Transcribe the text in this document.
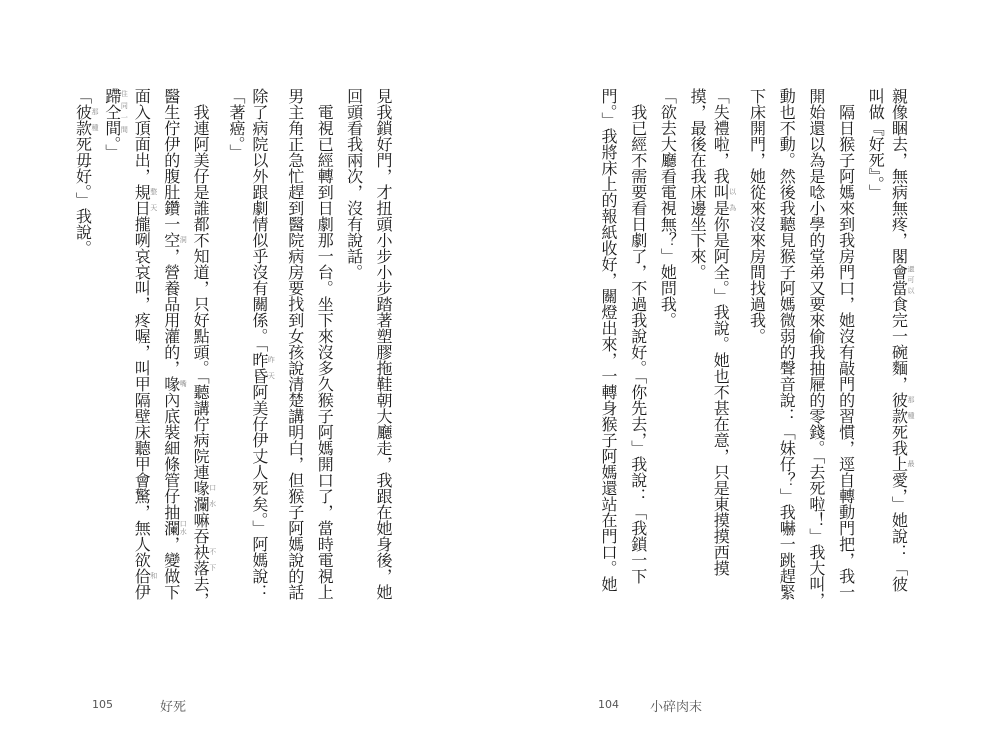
見我鎖好門，才扭頭小步小步踏著塑膠拖鞋朝大廳走，我跟在她身後，她
回頭看我兩次，沒有說話。
　電視已經轉到日劇那一台。坐下來沒多久猴子阿媽開口了，當時電視上
男主角正急忙趕到醫院病房要找到女孩說清楚講明白，但猴子阿媽說的話
除了病院以外跟劇情似乎沒有關係。「昨昏昨天阿美仔伊丈人死矣。」阿媽說：
「著癌。」
　我連阿美仔是誰都不知道，只好點頭。「聽講佇病院連喙瀾口水嘛吞袂落不下去，
醫生佇伊的腹肚鑽一空洞，營養品用灌的，喙嘴內底裝細條管仔抽瀾口水，變做下
面入頂面出，規日整天攏咧哀哀叫，疼喔，叫甲隔壁床聽甲會驚，無人欲佮和伊
蹛仝間住同一間。」
「彼款那種死毋好。」我說。
105	好死
親像睏去，無病無疼，閣會當還可以食完一碗麵，彼款那種死我上最愛，」她說：「彼
叫做『好死』。」
　隔日猴子阿媽來到我房門口，她沒有敲門的習慣，逕自轉動門把，我一
開始還以為是唸小學的堂弟又要來偷我抽屜的零錢。「去死啦！」我大叫，
動也不動。然後我聽見猴子阿媽微弱的聲音說：「妹仔？」我嚇一跳趕緊
下床開門，她從來沒來房間找過我。
「失禮啦，我叫是以為你是阿全。」我說。她也不甚在意，只是東摸摸西摸
摸，最後在我床邊坐下來。
「欲去大廳看電視無？」她問我。
　我已經不需要看日劇了，不過我說好。「你先去，」我說：「我鎖一下
門。」我將床上的報紙收好，關燈出來，一轉身猴子阿媽還站在門口。她
104 小碎肉末
